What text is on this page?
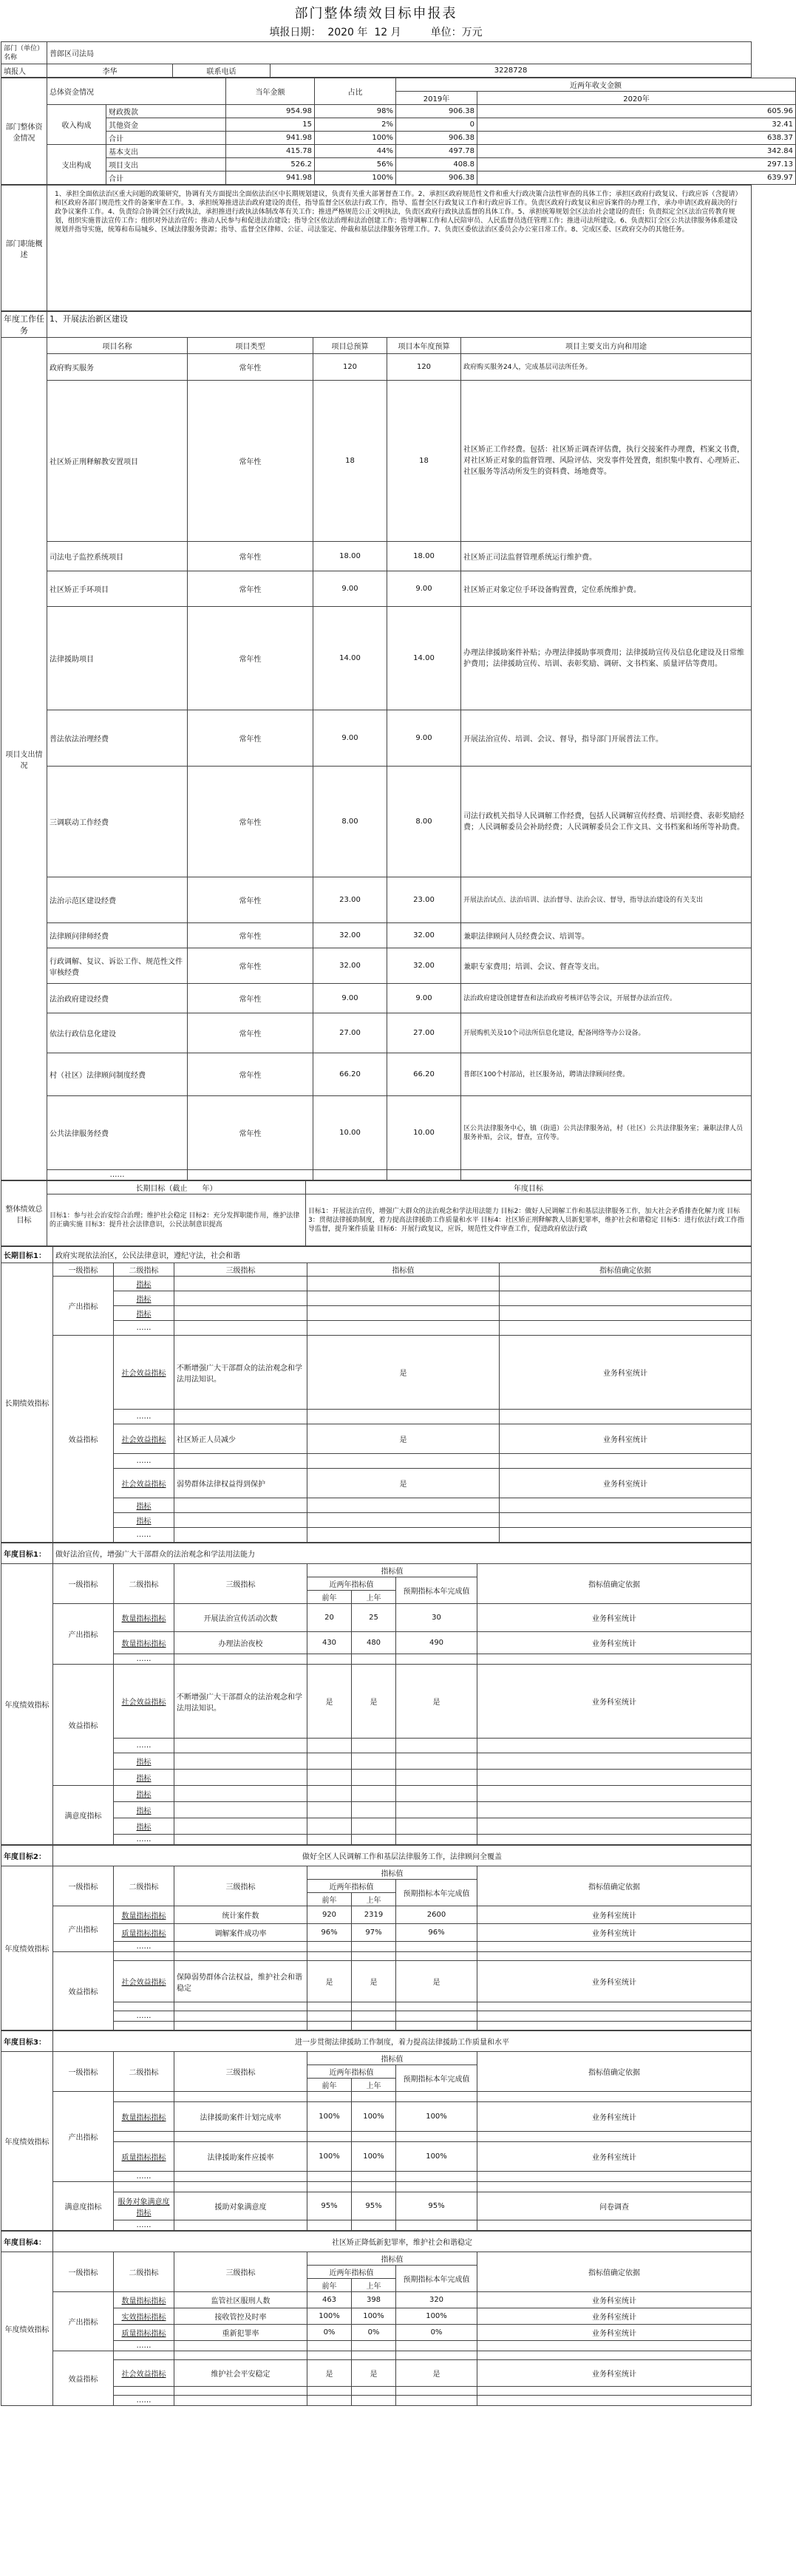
部门整体绩效目标申报表
填报日期： 2020 年 12 月	单位：万元
部门（单位）名称	普郎区司法局		
填报人	李华	联系电话	3228728
部门整体资金情况	总体资金情况		当年金额	占比	近两年收支金额	
					2019年	2020年

	收入构成	财政拨款	954.98	98%	906.38	605.96
		其他资金	15	2%	0	32.41
		合计	941.98	100%	906.38	638.37
	支出构成	基本支出	415.78	44%	497.78	342.84
		项目支出	526.2	56%	408.8	297.13
		合计	941.98	100%	906.38	639.97
部门职能概述	1、承担全面依法治区重大问题的政策研究，协调有关方面提出全面依法治区中长期规划建议，负责有关重大部署督查工作。2、承担区政府规范性文件和重大行政决策合法性审查的具体工作；承担区政府行政复议、行政应诉（含提请）和区政府各部门规范性文件的备案审查工作。3、承担统筹推进法治政府建设的责任，指导监督全区依法行政工作，指导、监督全区行政复议工作和行政应诉工作。负责区政府行政复议和应诉案件的办理工作，承办申请区政府裁决的行政争议案件工作。4、负责综合协调全区行政执法，承担推进行政执法体制改革有关工作；推进严格规范公正文明执法，负责区政府行政执法监督的具体工作。5、承担统筹规划全区法治社会建设的责任；负责拟定全区法治宣传教育规划，组织实施普法宣传工作；组织对外法治宣传；推动人民参与和促进法治建设；指导全区依法治理和法治创建工作；指导调解工作和人民陪审员、人民监督员选任管理工作；推进司法所建设。6、负责拟订全区公共法律服务体系建设规划并指导实施，统筹和布局城乡、区域法律服务资源；指导、监督全区律师、公证、司法鉴定、仲裁和基层法律服务管理工作。7、负责区委依法治区委员会办公室日常工作。8、完成区委、区政府交办的其他任务。
年度工作任务	1、开展法治新区建设				
项目支出情况	项目名称	项目类型	项目总预算	项目本年度预算	项目主要支出方向和用途
	政府购买服务	常年性	120	120	政府购买服务24人，完成基层司法所任务。
	社区矫正刑释解教安置项目	常年性	18	18	社区矫正工作经费。包括：社区矫正调查评估费，执行交接案件办理费，档案文书费，对社区矫正对象的监督管理、风险评估、突发事件处置费，组织集中教育、心理矫正、社区服务等活动所发生的资料费、场地费等。
	司法电子监控系统项目	常年性	18.00	18.00	社区矫正司法监督管理系统运行维护费。
	社区矫正手环项目	常年性	9.00	9.00	社区矫正对象定位手环设备购置费，定位系统维护费。
	法律援助项目	常年性	14.00	14.00	办理法律援助案件补贴；办理法律援助事项费用；法律援助宣传及信息化建设及日常维护费用；法律援助宣传、培训、表彰奖励、调研、文书档案、质量评估等费用。
	普法依法治理经费	常年性	9.00	9.00	开展法治宣传、培训、会议、督导，指导部门开展普法工作。
	三调联动工作经费	常年性	8.00	8.00	司法行政机关指导人民调解工作经费，包括人民调解宣传经费、培训经费、表彰奖励经费；人民调解委员会补助经费；人民调解委员会工作文具、文书档案和场所等补助费。
	法治示范区建设经费	常年性	23.00	23.00	开展法治试点、法治培训、法治督导、法治会议、督导，指导法治建设的有关支出
	法律顾问律师经费	常年性	32.00	32.00	兼职法律顾问人员经费会议、培训等。
	行政调解、复议、诉讼工作、规范性文件审核经费	常年性	32.00	32.00	兼职专家费用；培训、会议、督查等支出。
	法治政府建设经费	常年性	9.00	9.00	法治政府建设创建督查和法治政府考核评估等会议，开展督办法治宣传。
	依法行政信息化建设	常年性	27.00	27.00	开展购机关及10个司法所信息化建设，配备网络等办公设备。
	村（社区）法律顾问制度经费	常年性	66.20	66.20	普郎区100个村部站，社区服务站，聘请法律顾问经费。
	公共法律服务经费	常年性	10.00	10.00	区公共法律服务中心，镇（街道）公共法律服务站，村（社区）公共法律服务室；兼职法律人员服务补贴，会议，督查，宣传等。
	……				
整体绩效总目标	长期目标（截止　　年）	年度目标
	目标1：参与社会治安综合治理；维护社会稳定 目标2：充分发挥职能作用，维护法律的正确实施 目标3：提升社会法律意识，公民法制意识提高	目标1：开展法治宣传，增强广大群众的法治观念和学法用法能力 目标2：做好人民调解工作和基层法律服务工作，加大社会矛盾排查化解力度 目标3：贯彻法律援助制度，着力提高法律援助工作质量和水平 目标4：社区矫正刑释解教人员新犯罪率，维护社会和谐稳定 目标5：进行依法行政工作指导监督，提升案件质量 目标6：开展行政复议，应诉，规范性文件审查工作，促进政府依法行政
长期目标1：	政府实现依法治区，公民法律意识，遵纪守法，社会和谐				
长期绩效指标	一级指标	二级指标	三级指标	指标值	指标值确定依据
	产出指标	指标			
		指标			
		指标			
		……			
	效益指标	社会效益指标	不断增强广大干部群众的法治观念和学法用法知识。	是	业务科室统计
		……			
		社会效益指标	社区矫正人员减少	是	业务科室统计
		……			
		社会效益指标	弱势群体法律权益得到保护	是	业务科室统计
		指标			
		指标			
		……			
年度目标1：	做好法治宣传，增强广大干部群众的法治观念和学法用法能力						
年度绩效指标	一级指标	二级指标	三级指标	指标值			指标值确定依据
				近两年指标值		预期指标本年完成值	
				前年	上年		
	产出指标	数量指标指标	开展法治宣传活动次数	20	25	30	业务科室统计
		数量指标指标	办理法治夜校	430	480	490	业务科室统计
		……					
	效益指标	社会效益指标	不断增强广大干部群众的法治观念和学法用法知识。	是	是	是	业务科室统计
		……					
		指标					
		指标					
	满意度指标	指标					
		指标					
		指标					
		……					
年度目标2：	做好全区人民调解工作和基层法律服务工作，法律顾问全覆盖						
年度绩效指标	一级指标	二级指标	三级指标	指标值			指标值确定依据
				近两年指标值		预期指标本年完成值	
				前年	上年		
	产出指标	数量指标指标	统计案件数	920	2319	2600	业务科室统计
		质量指标指标	调解案件成功率	96%	97%	96%	业务科室统计
		……					
	效益指标						
		社会效益指标	保障弱势群体合法权益，维护社会和谐稳定	是	是	是	业务科室统计

		……					

年度目标3：	进一步贯彻法律援助工作制度，着力提高法律援助工作质量和水平						
年度绩效指标	一级指标	二级指标	三级指标	指标值			指标值确定依据
				近两年指标值		预期指标本年完成值	
				前年	上年		
	产出指标						
		数量指标指标	法律援助案件计划完成率	100%	100%	100%	业务科室统计

		质量指标指标	法律援助案件应援率	100%	100%	100%	业务科室统计
		……					
	满意度指标						
		服务对象满意度指标	援助对象满意度	95%	95%	95%	问卷调查
		……					
年度目标4：	社区矫正降低新犯罪率，维护社会和谐稳定						
年度绩效指标	一级指标	二级指标	三级指标	指标值			指标值确定依据
				近两年指标值		预期指标本年完成值	
				前年	上年		
	产出指标	数量指标指标	监管社区服刑人数	463	398	320	业务科室统计
		实效指标指标	接收管控及时率	100%	100%	100%	业务科室统计
		质量指标指标	重新犯罪率	0%	0%	0%	业务科室统计
		……					
	效益指标						
		社会效益指标	维护社会平安稳定	是	是	是	业务科室统计

		……					
